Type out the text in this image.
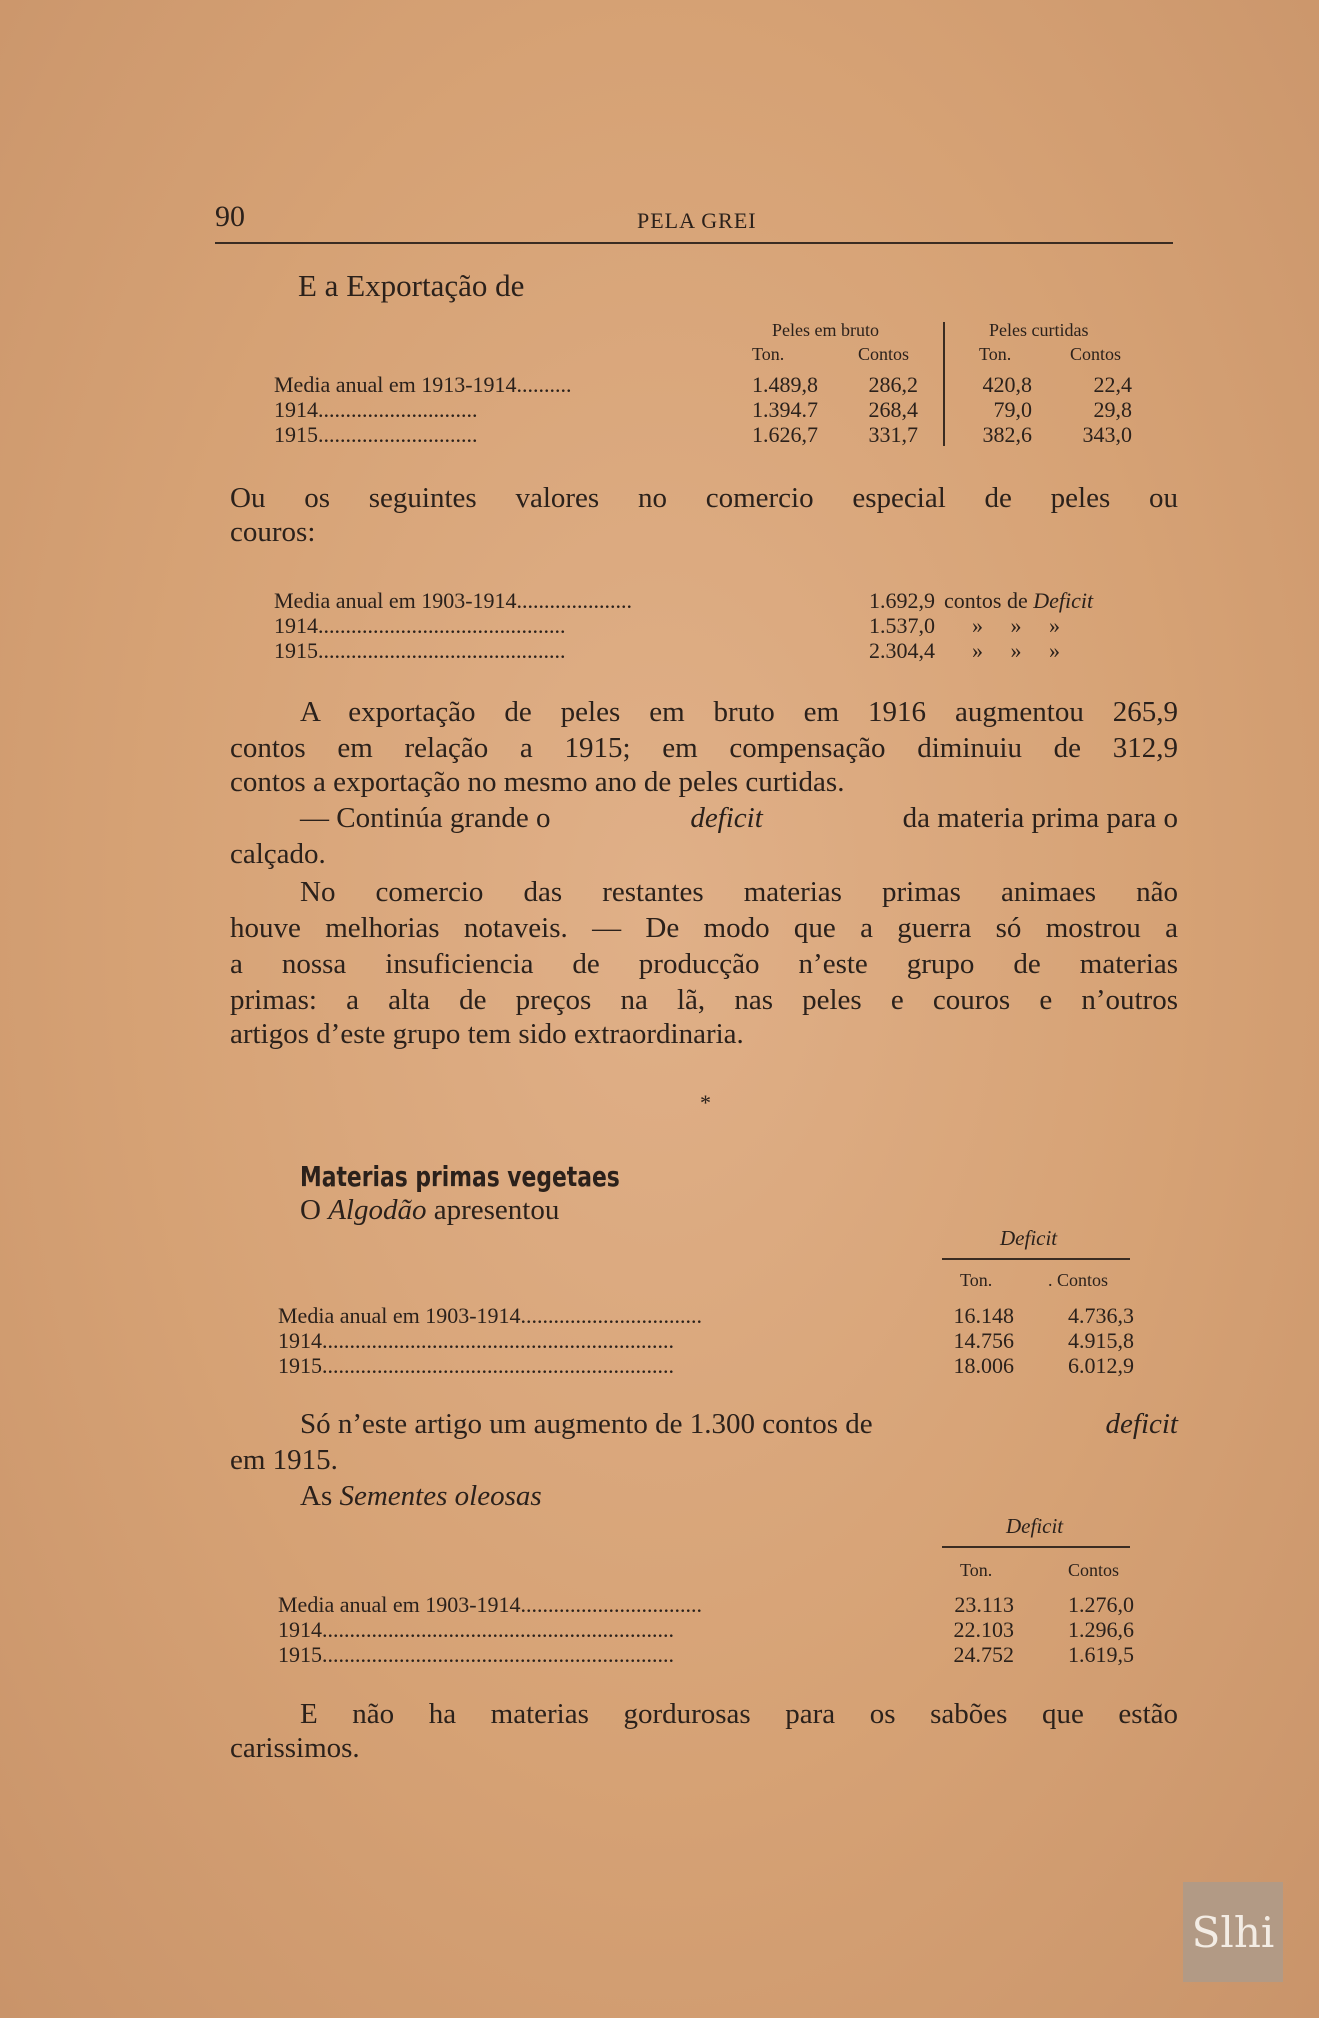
90	PELA GREI
E a Exportação de
Peles em bruto	Peles curtidas
Ton.	Contos	Ton.	Contos
Media anual em 1913-1914..........	1.489,8	286,2	420,8	22,4
1914.............................	1.394.7	268,4	79,0	29,8
1915.............................	1.626,7	331,7	382,6	343,0
Ou os seguintes valores no comercio especial de peles ou
couros:
Media anual em 1903-1914.....................	1.692,9 contos de Deficit
1914.............................................	1.537,0 »     »     »
1915.............................................	2.304,4 »     »     »
A exportação de peles em bruto em 1916 augmentou 265,9
contos em relação a 1915; em compensação diminuiu de 312,9
contos a exportação no mesmo ano de peles curtidas.
— Continúa grande o	deficit	da materia prima para o
calçado.
No comercio das restantes materias primas animaes não
houve melhorias notaveis. — De modo que a guerra só mostrou a
a nossa insuficiencia de producção n’este grupo de materias
primas: a alta de preços na lã, nas peles e couros e n’outros
artigos d’este grupo tem sido extraordinaria.
*
Materias primas vegetaes
O Algodão apresentou
Deficit
Ton.	. Contos
Media anual em 1903-1914.................................	16.148	4.736,3
1914................................................................	14.756	4.915,8
1915................................................................	18.006	6.012,9
Só n’este artigo um augmento de 1.300 contos de	deficit
em 1915.
As Sementes oleosas
Deficit
Ton.	Contos
Media anual em 1903-1914.................................	23.113	1.276,0
1914................................................................	22.103	1.296,6
1915................................................................	24.752	1.619,5
E não ha materias gordurosas para os sabões que estão
carissimos.
Slhi
